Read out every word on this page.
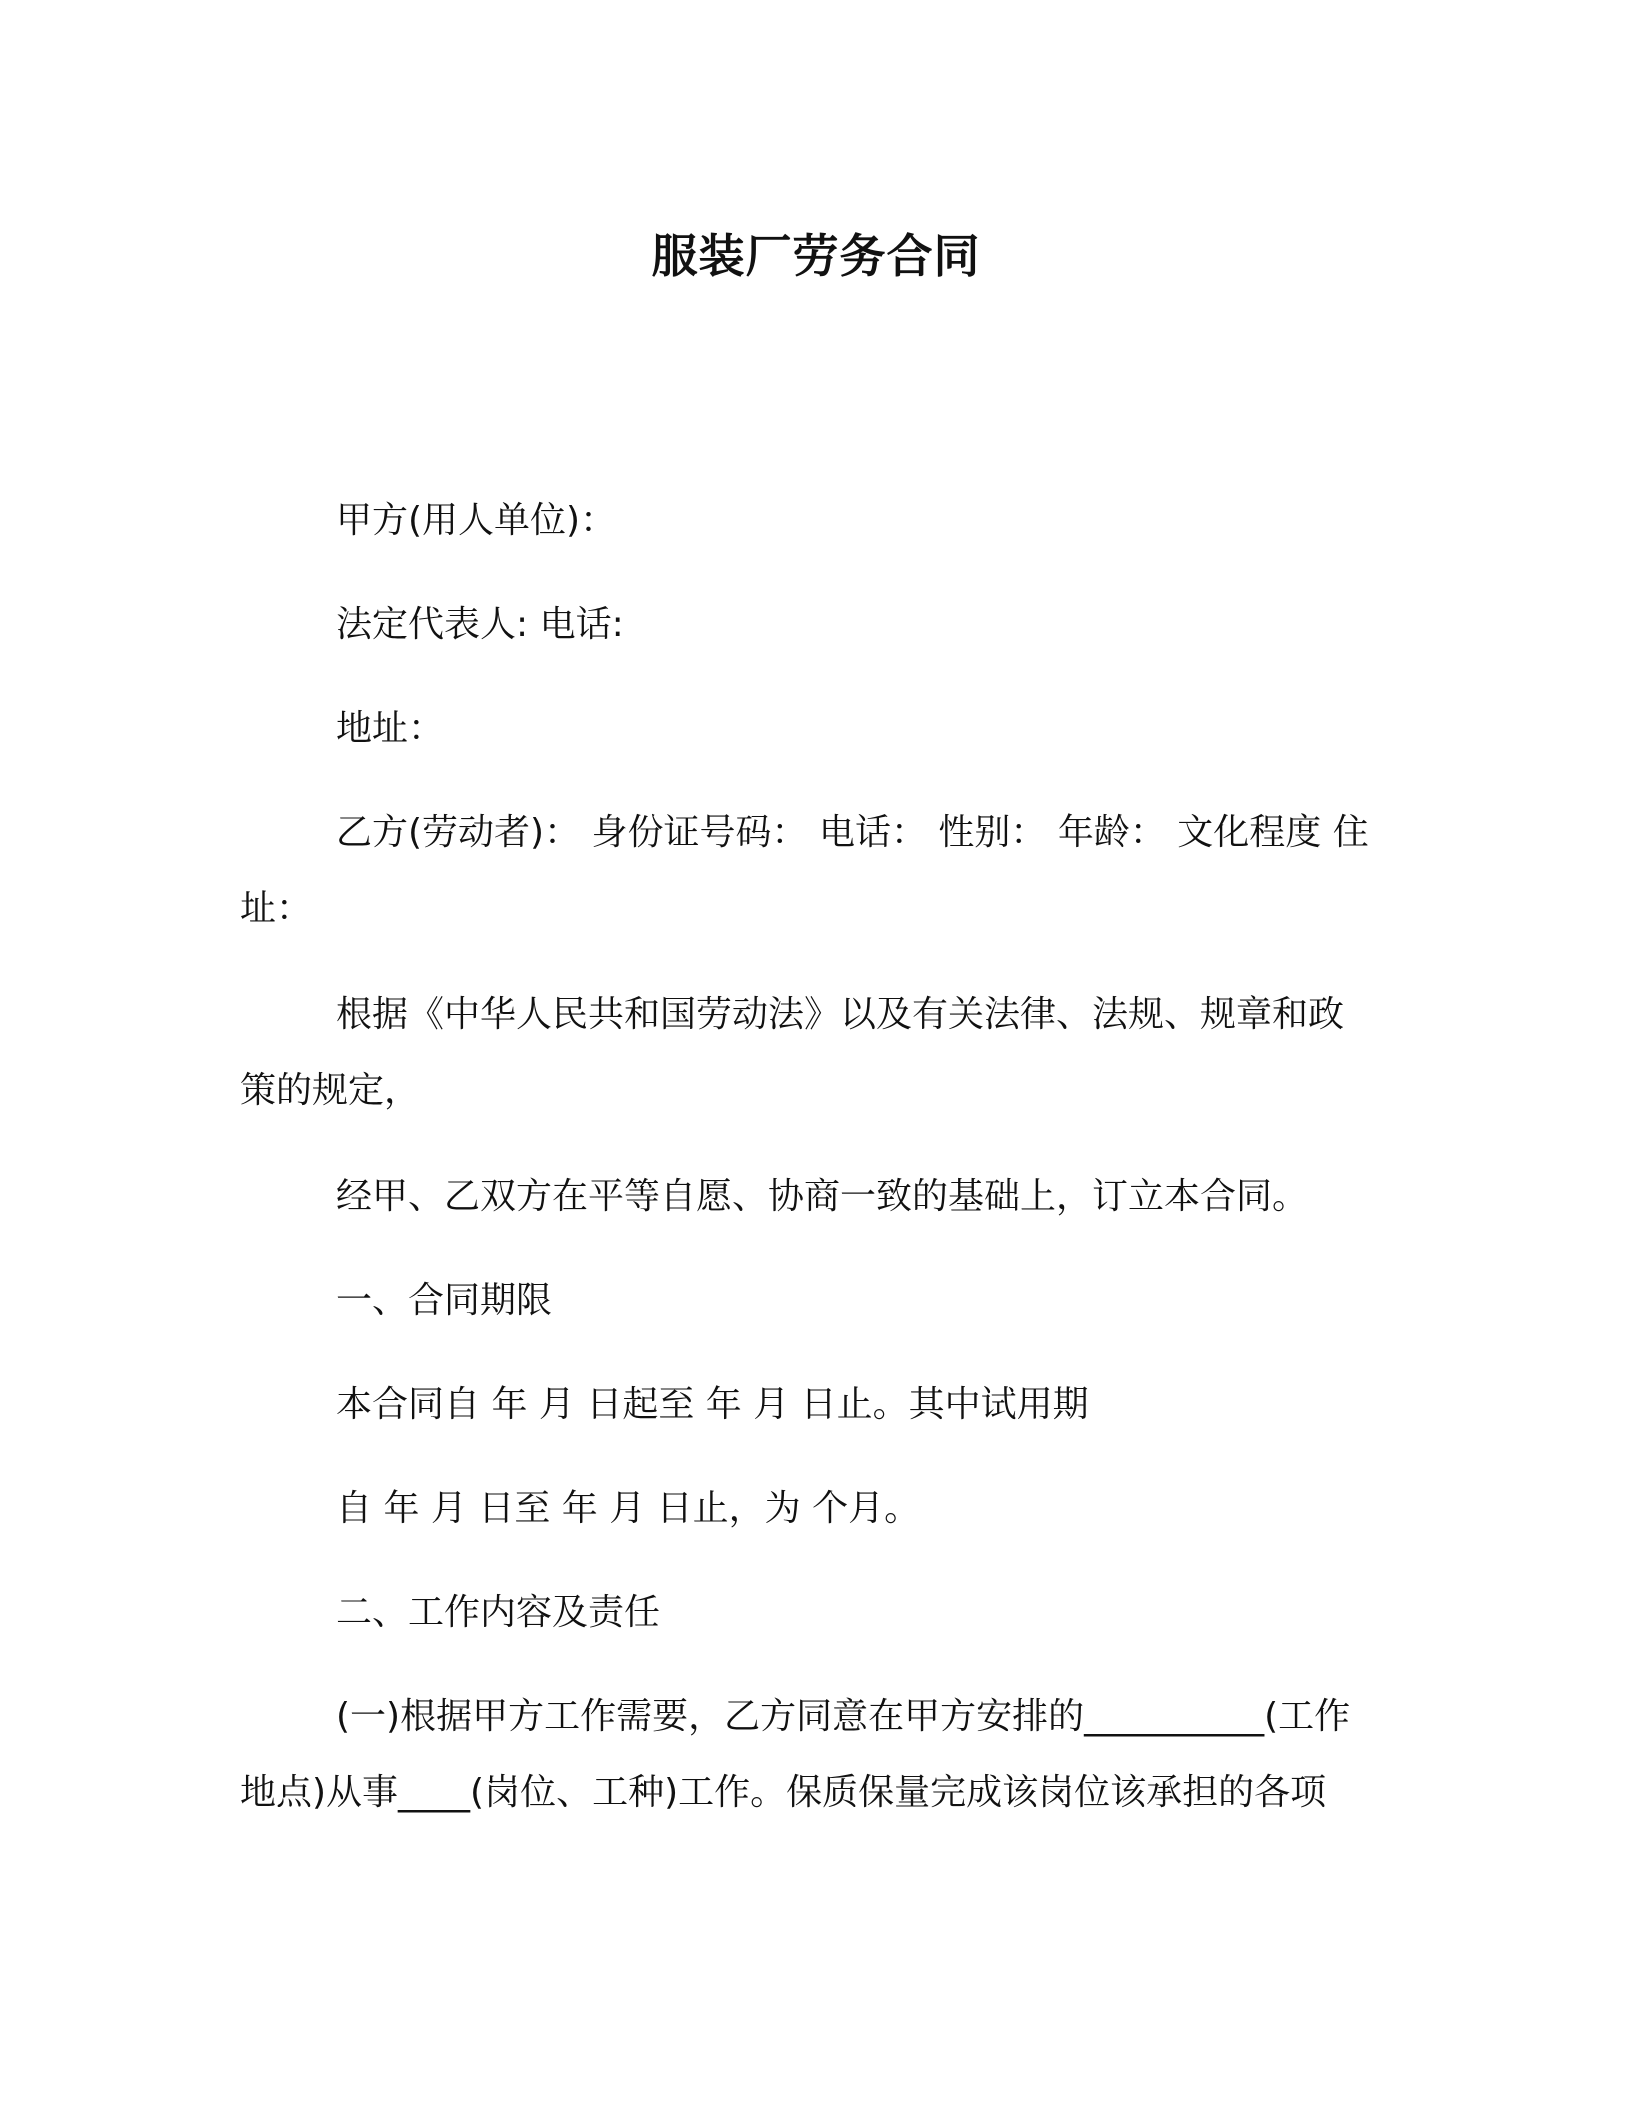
服装厂劳务合同
甲方(用人单位)：
法定代表人: 电话:
地址：
乙方(劳动者)： 身份证号码： 电话： 性别： 年龄： 文化程度 住
址：
根据《中华人民共和国劳动法》以及有关法律、法规、规章和政
策的规定，
经甲、乙双方在平等自愿、协商一致的基础上，订立本合同。
一、合同期限
本合同自 年 月 日起至 年 月 日止。其中试用期
自 年 月 日至 年 月 日止，为 个月。
二、工作内容及责任
(一)根据甲方工作需要，乙方同意在甲方安排的__________(工作
地点)从事____(岗位、工种)工作。保质保量完成该岗位该承担的各项
